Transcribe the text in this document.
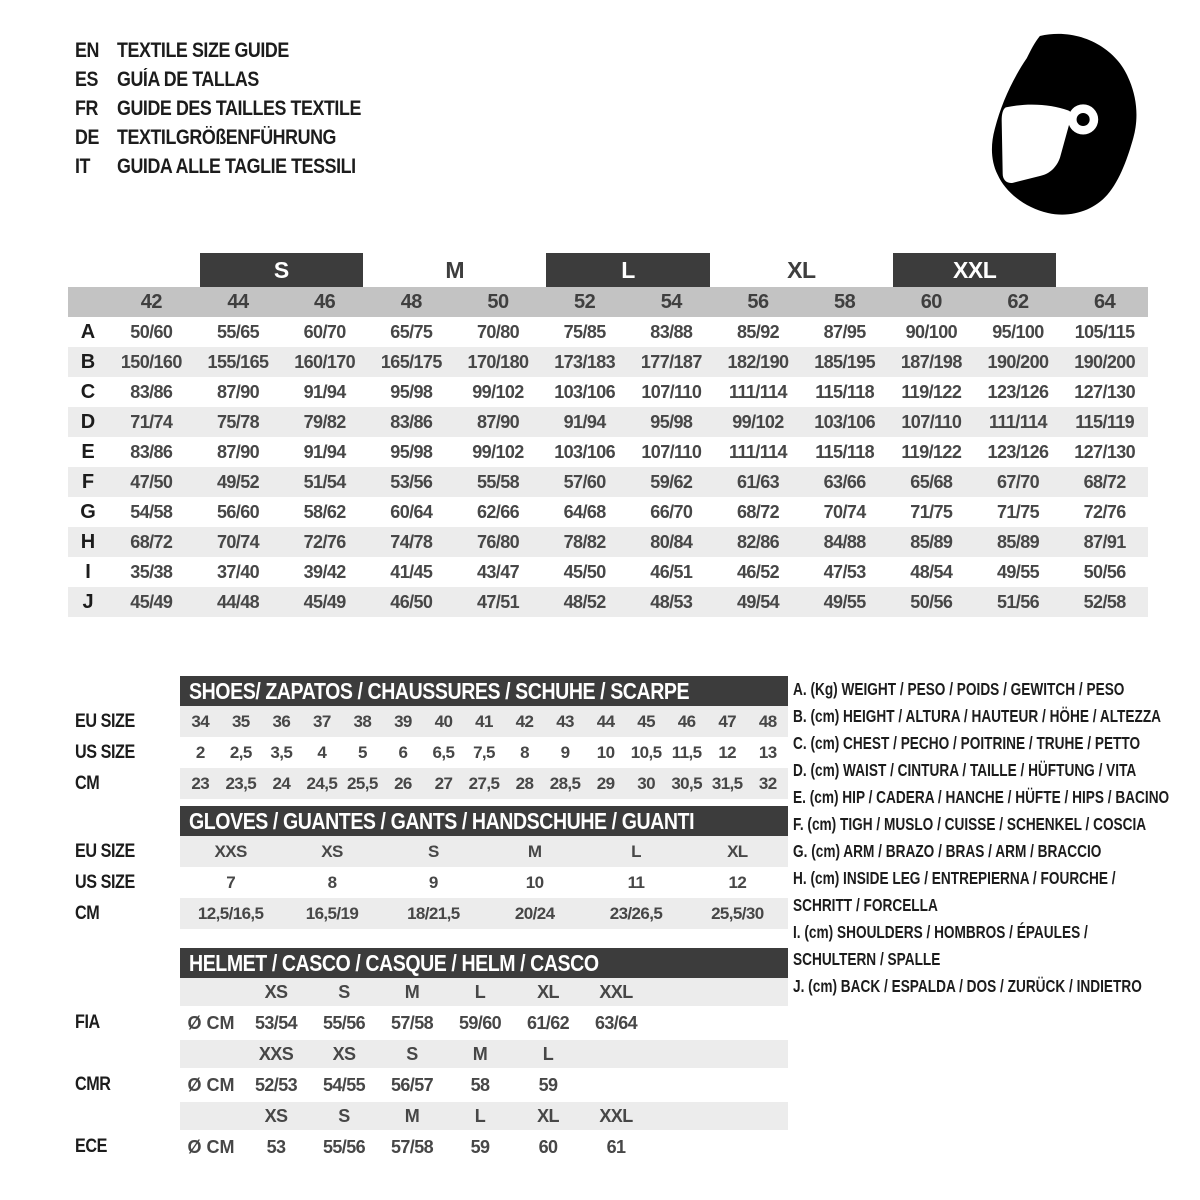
EN TEXTILE SIZE GUIDE
ES GUÍA DE TALLAS
FR GUIDE DES TAILLES TEXTILE
DE TEXTILGRÖßENFÜHRUNG
IT	GUIDA ALLE TAGLIE TESSILI
S	M	L	XL	XXL
42	44	46	48	50	52	54	56	58	60	62	64
A	50/60	55/65	60/70	65/75	70/80	75/85	83/88	85/92	87/95	90/100	95/100	105/115
B	150/160	155/165	160/170	165/175	170/180	173/183	177/187	182/190	185/195	187/198	190/200	190/200
C	83/86	87/90	91/94	95/98	99/102	103/106	107/110	111/114	115/118	119/122	123/126	127/130
D	71/74	75/78	79/82	83/86	87/90	91/94	95/98	99/102	103/106	107/110	111/114	115/119
E	83/86	87/90	91/94	95/98	99/102	103/106	107/110	111/114	115/118	119/122	123/126	127/130
F	47/50	49/52	51/54	53/56	55/58	57/60	59/62	61/63	63/66	65/68	67/70	68/72
G	54/58	56/60	58/62	60/64	62/66	64/68	66/70	68/72	70/74	71/75	71/75	72/76
H	68/72	70/74	72/76	74/78	76/80	78/82	80/84	82/86	84/88	85/89	85/89	87/91
I	35/38	37/40	39/42	41/45	43/47	45/50	46/51	46/52	47/53	48/54	49/55	50/56
J	45/49	44/48	45/49	46/50	47/51	48/52	48/53	49/54	49/55	50/56	51/56	52/58
SHOES/ ZAPATOS / CHAUSSURES / SCHUHE / SCARPE
EU SIZE	34	35	36	37	38	39	40	41	42	43	44	45	46	47	48
US SIZE	2	2,5	3,5	4	5	6	6,5	7,5	8	9	10 10,5 11,5 12	13
CM	23 23,5 24 24,5 25,5 26	27 27,5 28 28,5 29	30 30,5 31,5 32
GLOVES / GUANTES / GANTS / HANDSCHUHE / GUANTI
EU SIZE	XXS	XS	S	M	L	XL
US SIZE	7	8	9	10	11	12
CM	12,5/16,5	16,5/19	18/21,5	20/24	23/26,5	25,5/30
HELMET / CASCO / CASQUE / HELM / CASCO
XS	S	M	L	XL	XXL
FIA	Ø CM	53/54	55/56	57/58	59/60	61/62	63/64
XXS	XS	S	M	L
CMR	Ø CM	52/53	54/55	56/57	58	59
XS	S	M	L	XL	XXL
ECE	Ø CM	53	55/56	57/58	59	60	61
A. (Kg) WEIGHT / PESO / POIDS / GEWITCH / PESO
B. (cm) HEIGHT / ALTURA / HAUTEUR / HÖHE / ALTEZZA
C. (cm) CHEST / PECHO / POITRINE / TRUHE / PETTO
D. (cm) WAIST / CINTURA / TAILLE / HÜFTUNG / VITA
E. (cm) HIP / CADERA / HANCHE / HÜFTE / HIPS / BACINO
F. (cm) TIGH / MUSLO / CUISSE / SCHENKEL / COSCIA
G. (cm) ARM / BRAZO / BRAS / ARM / BRACCIO
H. (cm) INSIDE LEG / ENTREPIERNA / FOURCHE /
SCHRITT / FORCELLA
I. (cm) SHOULDERS / HOMBROS / ÉPAULES /
SCHULTERN / SPALLE
J. (cm) BACK / ESPALDA / DOS / ZURÜCK / INDIETRO
